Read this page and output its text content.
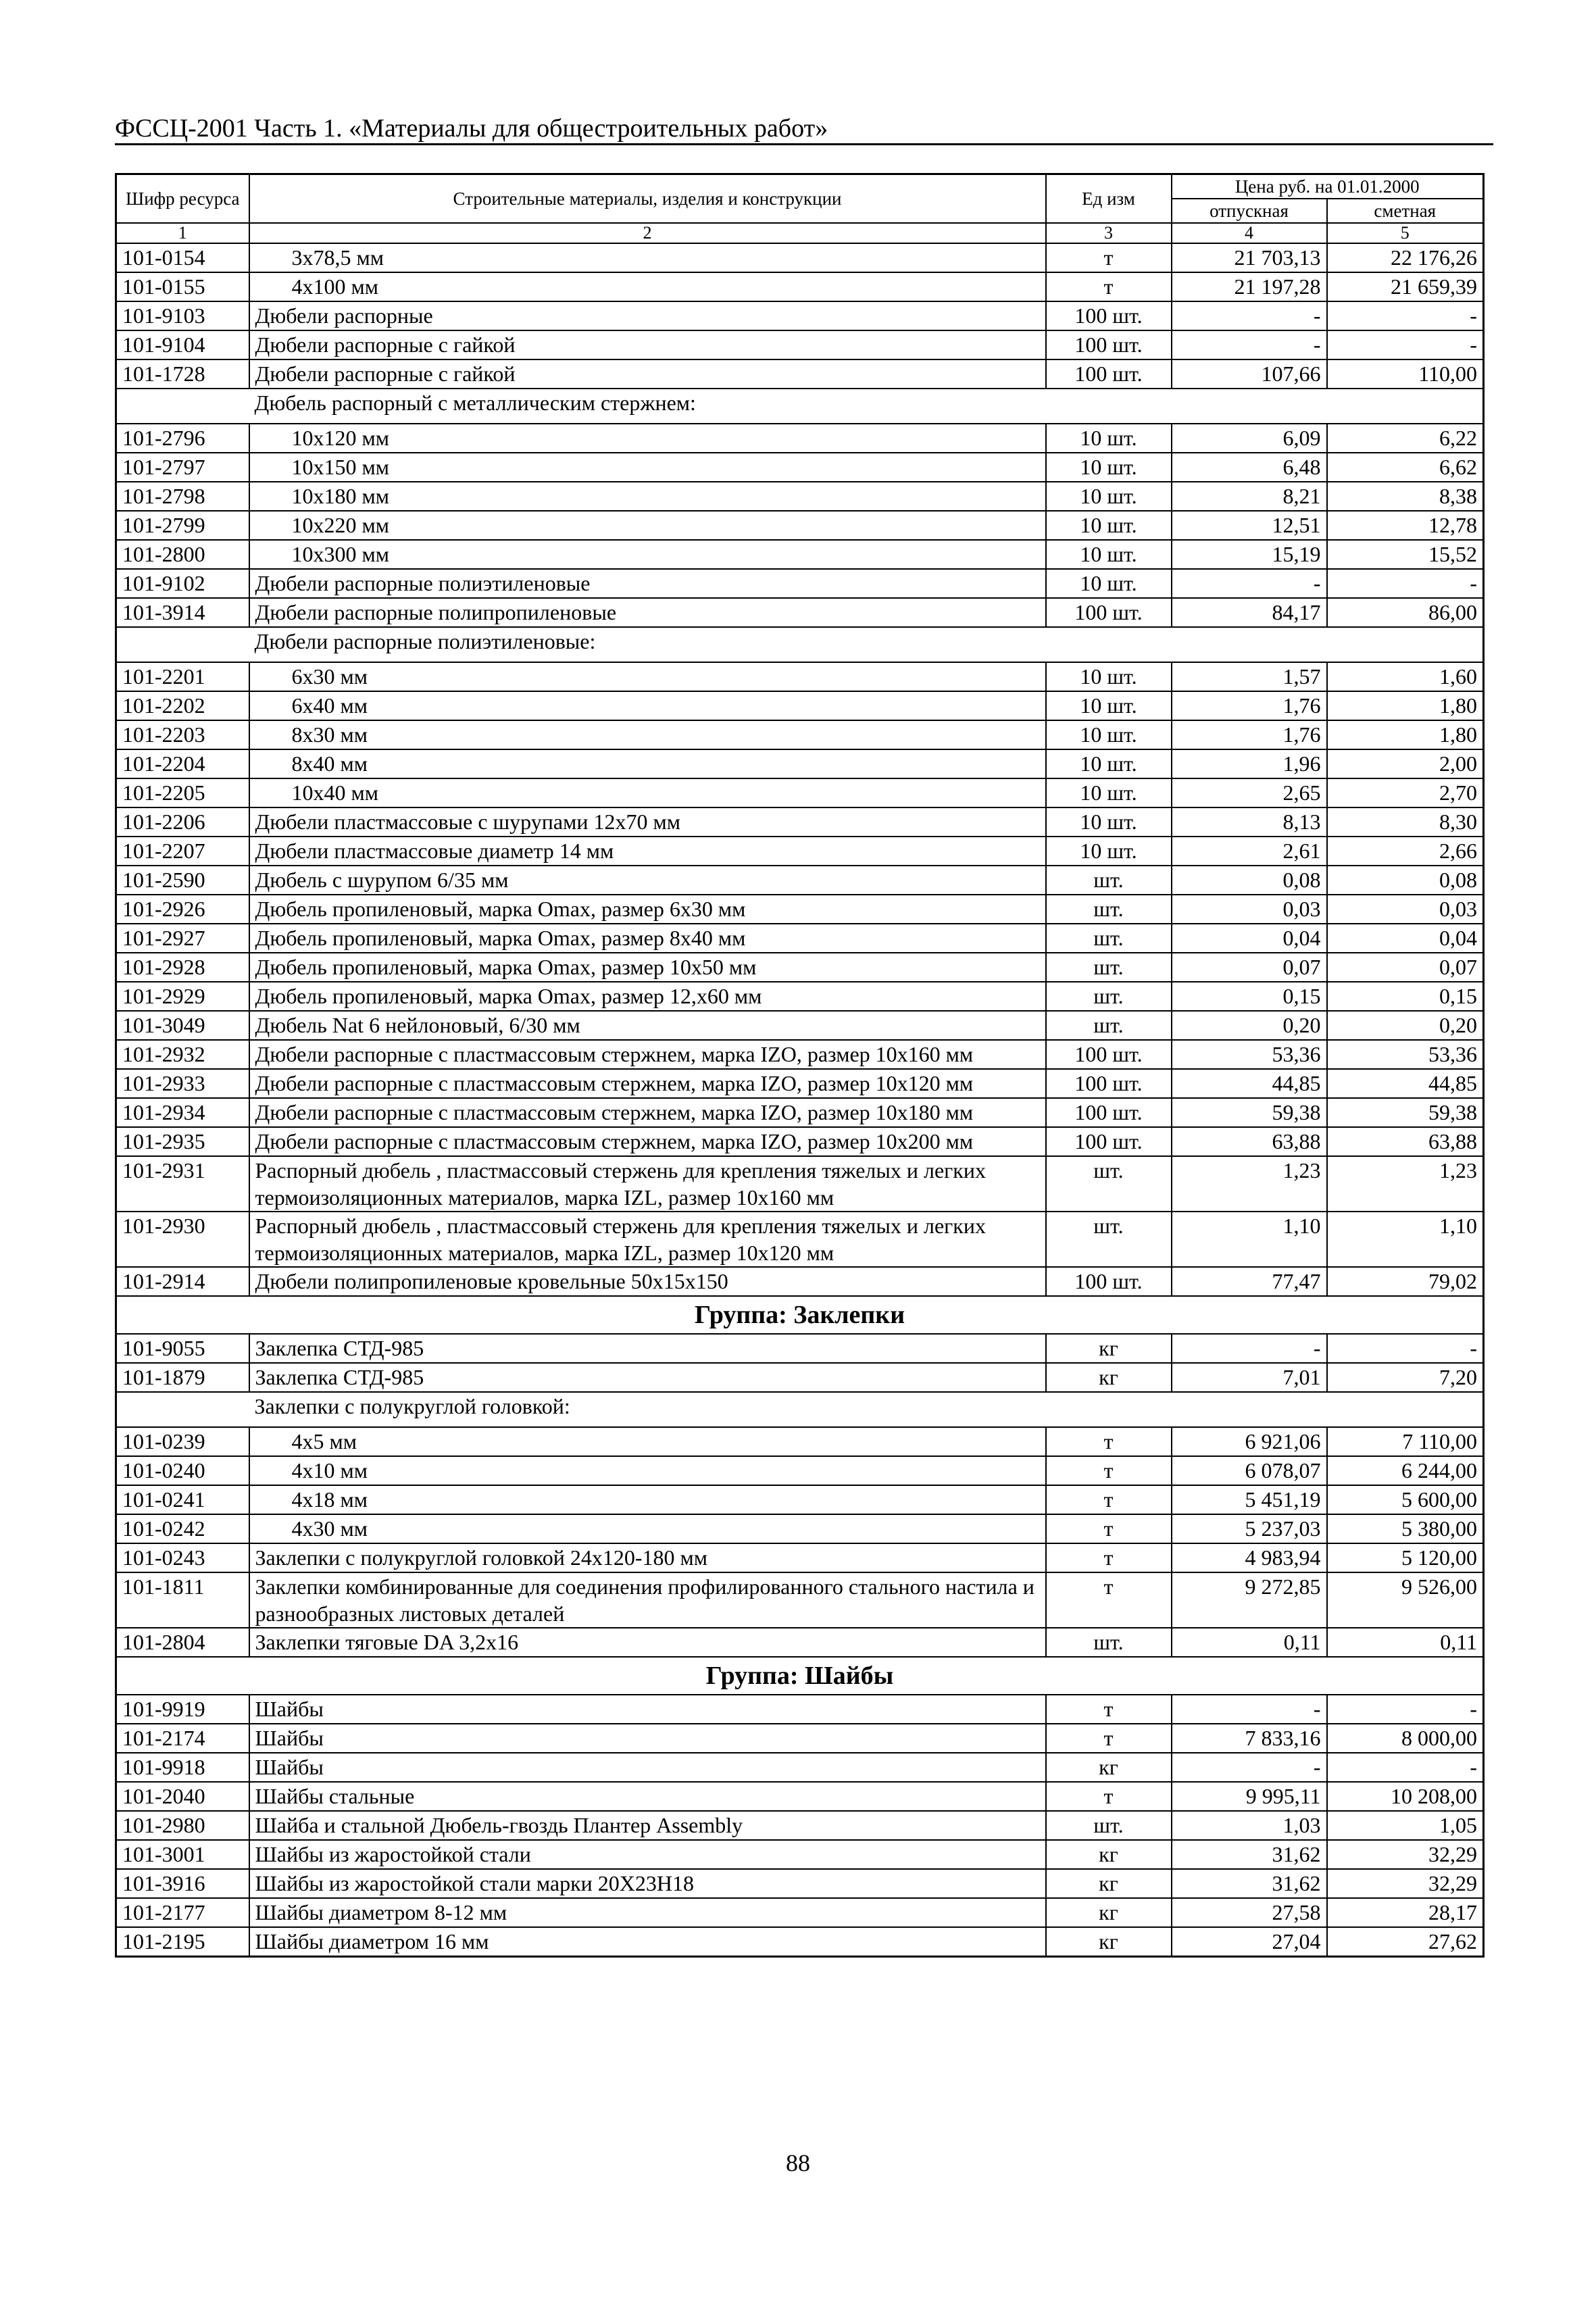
ФССЦ-2001 Часть 1. «Материалы для общестроительных работ»
Шифр ресурса	Строительные материалы, изделия и конструкции	Ед изм	Цена руб. на 01.01.2000	
			отпускная	сметная
1	2	3	4	5
101-0154	3x78,5 мм	т	21 703,13	22 176,26
101-0155	4x100 мм	т	21 197,28	21 659,39
101-9103	Дюбели распорные	100 шт.	-	-
101-9104	Дюбели распорные с гайкой	100 шт.	-	-
101-1728	Дюбели распорные с гайкой	100 шт.	107,66	110,00
	Дюбель распорный с металлическим стержнем:			
101-2796	10x120 мм	10 шт.	6,09	6,22
101-2797	10x150 мм	10 шт.	6,48	6,62
101-2798	10x180 мм	10 шт.	8,21	8,38
101-2799	10x220 мм	10 шт.	12,51	12,78
101-2800	10x300 мм	10 шт.	15,19	15,52
101-9102	Дюбели распорные полиэтиленовые	10 шт.	-	-
101-3914	Дюбели распорные полипропиленовые	100 шт.	84,17	86,00
	Дюбели распорные полиэтиленовые:			
101-2201	6x30 мм	10 шт.	1,57	1,60
101-2202	6x40 мм	10 шт.	1,76	1,80
101-2203	8x30 мм	10 шт.	1,76	1,80
101-2204	8x40 мм	10 шт.	1,96	2,00
101-2205	10x40 мм	10 шт.	2,65	2,70
101-2206	Дюбели пластмассовые с шурупами 12x70 мм	10 шт.	8,13	8,30
101-2207	Дюбели пластмассовые диаметр 14 мм	10 шт.	2,61	2,66
101-2590	Дюбель с шурупом 6/35 мм	шт.	0,08	0,08
101-2926	Дюбель пропиленовый, марка Omax, размер 6x30 мм	шт.	0,03	0,03
101-2927	Дюбель пропиленовый, марка Omax, размер 8x40 мм	шт.	0,04	0,04
101-2928	Дюбель пропиленовый, марка Omax, размер 10x50 мм	шт.	0,07	0,07
101-2929	Дюбель пропиленовый, марка Omax, размер 12,x60 мм	шт.	0,15	0,15
101-3049	Дюбель Nat 6 нейлоновый, 6/30 мм	шт.	0,20	0,20
101-2932	Дюбели распорные с пластмассовым стержнем, марка IZO, размер 10x160 мм	100 шт.	53,36	53,36
101-2933	Дюбели распорные с пластмассовым стержнем, марка IZO, размер 10x120 мм	100 шт.	44,85	44,85
101-2934	Дюбели распорные с пластмассовым стержнем, марка IZO, размер 10x180 мм	100 шт.	59,38	59,38
101-2935	Дюбели распорные с пластмассовым стержнем, марка IZO, размер 10x200 мм	100 шт.	63,88	63,88
101-2931	Распорный дюбель , пластмассовый стержень для крепления тяжелых и легких термоизоляционных материалов, марка IZL, размер 10x160 мм	шт.	1,23	1,23
101-2930	Распорный дюбель , пластмассовый стержень для крепления тяжелых и легких термоизоляционных материалов, марка IZL, размер 10x120 мм	шт.	1,10	1,10
101-2914	Дюбели полипропиленовые кровельные 50x15x150	100 шт.	77,47	79,02
Группа: Заклепки				
101-9055	Заклепка СТД-985	кг	-	-
101-1879	Заклепка СТД-985	кг	7,01	7,20
	Заклепки с полукруглой головкой:			
101-0239	4x5 мм	т	6 921,06	7 110,00
101-0240	4x10 мм	т	6 078,07	6 244,00
101-0241	4x18 мм	т	5 451,19	5 600,00
101-0242	4x30 мм	т	5 237,03	5 380,00
101-0243	Заклепки с полукруглой головкой 24x120-180 мм	т	4 983,94	5 120,00
101-1811	Заклепки комбинированные для соединения профилированного стального настила и разнообразных листовых деталей	т	9 272,85	9 526,00
101-2804	Заклепки тяговые DA 3,2x16	шт.	0,11	0,11
Группа: Шайбы				
101-9919	Шайбы	т	-	-
101-2174	Шайбы	т	7 833,16	8 000,00
101-9918	Шайбы	кг	-	-
101-2040	Шайбы стальные	т	9 995,11	10 208,00
101-2980	Шайба и стальной Дюбель-гвоздь Плантер Assembly	шт.	1,03	1,05
101-3001	Шайбы из жаростойкой стали	кг	31,62	32,29
101-3916	Шайбы из жаростойкой стали марки 20Х23Н18	кг	31,62	32,29
101-2177	Шайбы диаметром 8-12 мм	кг	27,58	28,17
101-2195	Шайбы диаметром 16 мм	кг	27,04	27,62
88
